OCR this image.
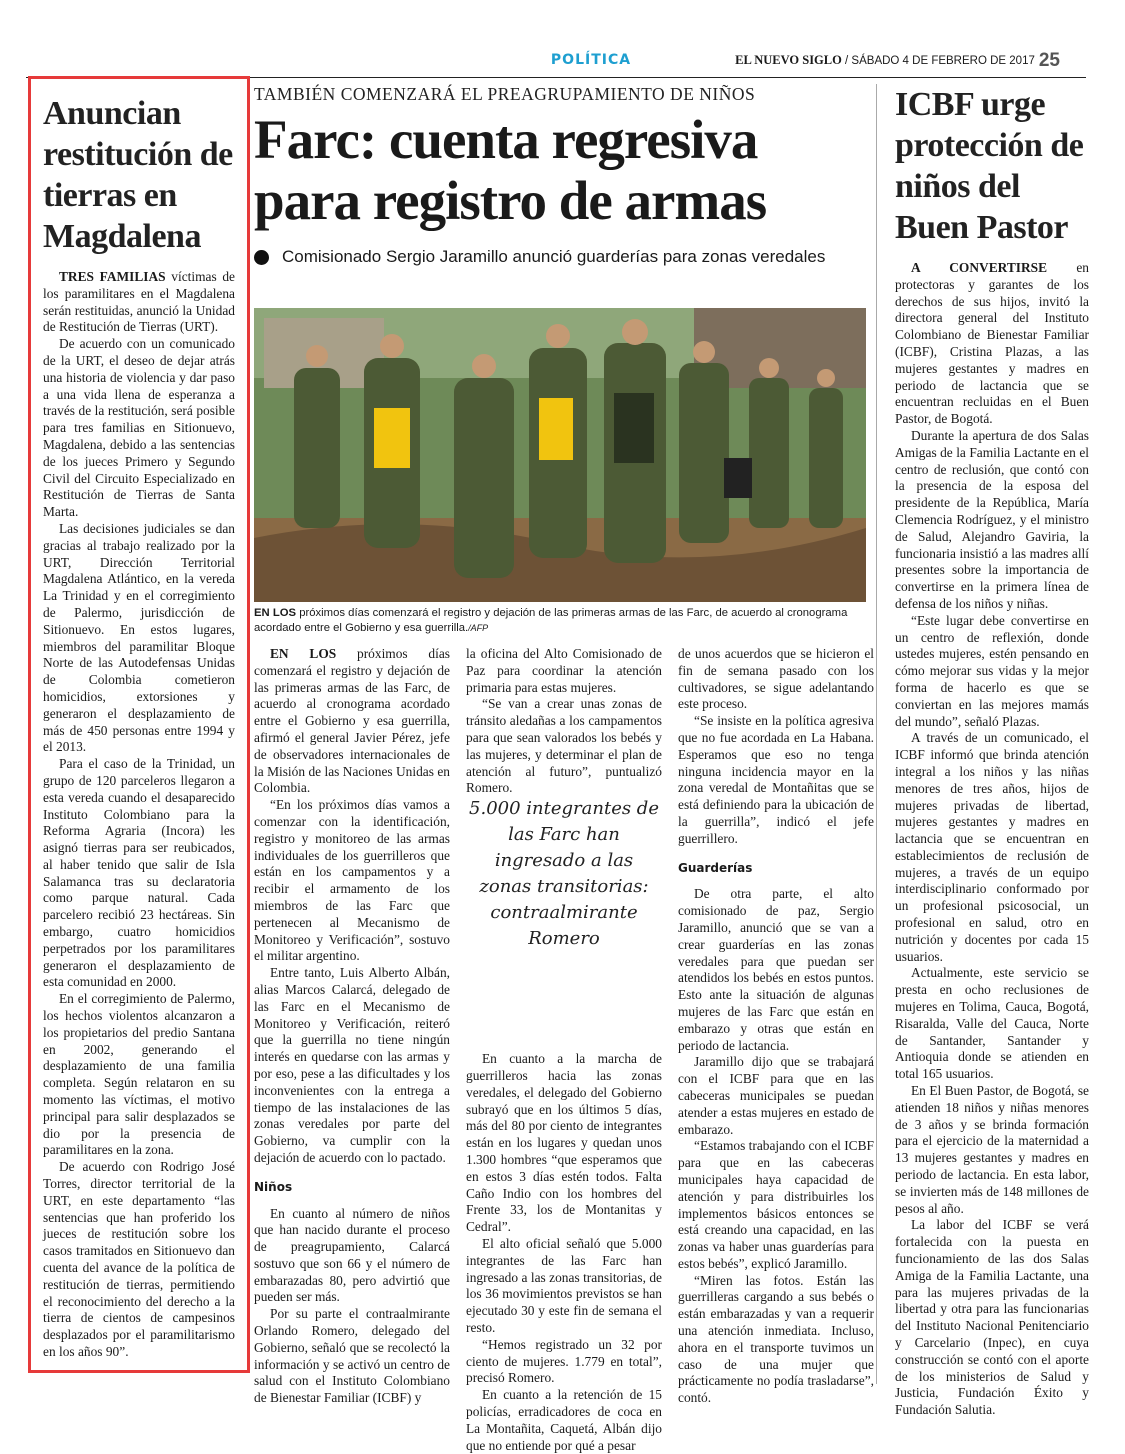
POLÍTICA	EL NUEVO SIGLO / SÁBADO 4 DE FEBRERO DE 2017 25
Anuncian restitución de tierras en Magdalena

TRES FAMILIAS víctimas de los paramilitares en el Magdalena serán restituidas, anunció la Unidad de Restitución de Tierras (URT).

De acuerdo con un comunicado de la URT, el deseo de dejar atrás una historia de violencia y dar paso a una vida llena de esperanza a través de la restitución, será posible para tres familias en Sitionuevo, Magdalena, debido a las sentencias de los jueces Primero y Segundo Civil del Circuito Especializado en Restitución de Tierras de Santa Marta.

Las decisiones judiciales se dan gracias al trabajo realizado por la URT, Dirección Territorial Magdalena Atlántico, en la vereda La Trinidad y en el corregimiento de Palermo, jurisdicción de Sitionuevo. En estos lugares, miembros del paramilitar Bloque Norte de las Autodefensas Unidas de Colombia cometieron homicidios, extorsiones y generaron el desplazamiento de más de 450 personas entre 1994 y el 2013.

Para el caso de la Trinidad, un grupo de 120 parceleros llegaron a esta vereda cuando el desaparecido Instituto Colombiano para la Reforma Agraria (Incora) les asignó tierras para ser reubicados, al haber tenido que salir de Isla Salamanca tras su declaratoria como parque natural. Cada parcelero recibió 23 hectáreas. Sin embargo, cuatro homicidios perpetrados por los paramilitares generaron el desplazamiento de esta comunidad en 2000.

En el corregimiento de Palermo, los hechos violentos alcanzaron a los propietarios del predio Santana en 2002, generando el desplazamiento de una familia completa. Según relataron en su momento las víctimas, el motivo principal para salir desplazados se dio por la presencia de paramilitares en la zona.

De acuerdo con Rodrigo José Torres, director territorial de la URT, en este departamento “las sentencias que han proferido los jueces de restitución sobre los casos tramitados en Sitionuevo dan cuenta del avance de la política de restitución de tierras, permitiendo el reconocimiento del derecho a la tierra de cientos de campesinos desplazados por el paramilitarismo en los años 90”.

TAMBIÉN COMENZARÁ EL PREAGRUPAMIENTO DE NIÑOS
Farc: cuenta regresiva para registro de armas
Comisionado Sergio Jaramillo anunció guarderías para zonas veredales
EN LOS próximos días comenzará el registro y dejación de las primeras armas de las Farc, de acuerdo al cronograma acordado entre el Gobierno y esa guerrilla./AFP

EN LOS próximos días comenzará el registro y dejación de las primeras armas de las Farc, de acuerdo al cronograma acordado entre el Gobierno y esa guerrilla, afirmó el general Javier Pérez, jefe de observadores internacionales de la Misión de las Naciones Unidas en Colombia.

“En los próximos días vamos a comenzar con la identificación, registro y monitoreo de las armas individuales de los guerrilleros que están en los campamentos y a recibir el armamento de los miembros de las Farc que pertenecen al Mecanismo de Monitoreo y Verificación”, sostuvo el militar argentino.

Entre tanto, Luis Alberto Albán, alias Marcos Calarcá, delegado de las Farc en el Mecanismo de Monitoreo y Verificación, reiteró que la guerrilla no tiene ningún interés en quedarse con las armas y por eso, pese a las dificultades y los inconvenientes con la entrega a tiempo de las instalaciones de las zonas veredales por parte del Gobierno, va cumplir con la dejación de acuerdo con lo pactado.

Niños

En cuanto al número de niños que han nacido durante el proceso de preagrupamiento, Calarcá sostuvo que son 66 y el número de embarazadas 80, pero advirtió que pueden ser más.

Por su parte el contraalmirante Orlando Romero, delegado del Gobierno, señaló que se recolectó la información y se activó un centro de salud con el Instituto Colombiano de Bienestar Familiar (ICBF) y

la oficina del Alto Comisionado de Paz para coordinar la atención primaria para estas mujeres.

“Se van a crear unas zonas de tránsito aledañas a los campamentos para que sean valorados los bebés y las mujeres, y determinar el plan de atención al futuro”, puntualizó Romero.

En cuanto a la marcha de guerrilleros hacia las zonas veredales, el delegado del Gobierno subrayó que en los últimos 5 días, más del 80 por ciento de integrantes están en los lugares y quedan unos 1.300 hombres “que esperamos que en estos 3 días estén todos. Falta Caño Indio con los hombres del Frente 33, los de Montanitas y Cedral”.

El alto oficial señaló que 5.000 integrantes de las Farc han ingresado a las zonas transitorias, de los 36 movimientos previstos se han ejecutado 30 y este fin de semana el resto.

“Hemos registrado un 32 por ciento de mujeres. 1.779 en total”, precisó Romero.

En cuanto a la retención de 15 policías, erradicadores de coca en La Montañita, Caquetá, Albán dijo que no entiende por qué a pesar

5.000 integrantes de las Farc han ingresado a las zonas transitorias: contraalmirante Romero

de unos acuerdos que se hicieron el fin de semana pasado con los cultivadores, se sigue adelantando este proceso.

“Se insiste en la política agresiva que no fue acordada en La Habana. Esperamos que eso no tenga ninguna incidencia mayor en la zona veredal de Montañitas que se está definiendo para la ubicación de la guerrilla”, indicó el jefe guerrillero.

Guarderías

De otra parte, el alto comisionado de paz, Sergio Jaramillo, anunció que se van a crear guarderías en las zonas veredales para que puedan ser atendidos los bebés en estos puntos. Esto ante la situación de algunas mujeres de las Farc que están en embarazo y otras que están en periodo de lactancia.

Jaramillo dijo que se trabajará con el ICBF para que en las cabeceras municipales se puedan atender a estas mujeres en estado de embarazo.

“Estamos trabajando con el ICBF para que en las cabeceras municipales haya capacidad de atención y para distribuirles los implementos básicos entonces se está creando una capacidad, en las zonas va haber unas guarderías para estos bebés”, explicó Jaramillo.

“Miren las fotos. Están las guerrilleras cargando a sus bebés o están embarazadas y van a requerir una atención inmediata. Incluso, ahora en el transporte tuvimos un caso de una mujer que prácticamente no podía trasladarse”, contó.

ICBF urge protección de niños del Buen Pastor

A CONVERTIRSE en protectoras y garantes de los derechos de sus hijos, invitó la directora general del Instituto Colombiano de Bienestar Familiar (ICBF), Cristina Plazas, a las mujeres gestantes y madres en periodo de lactancia que se encuentran recluidas en el Buen Pastor, de Bogotá.

Durante la apertura de dos Salas Amigas de la Familia Lactante en el centro de reclusión, que contó con la presencia de la esposa del presidente de la República, María Clemencia Rodríguez, y el ministro de Salud, Alejandro Gaviria, la funcionaria insistió a las madres allí presentes sobre la importancia de convertirse en la primera línea de defensa de los niños y niñas.

“Este lugar debe convertirse en un centro de reflexión, donde ustedes mujeres, estén pensando en cómo mejorar sus vidas y la mejor forma de hacerlo es que se conviertan en las mejores mamás del mundo”, señaló Plazas.

A través de un comunicado, el ICBF informó que brinda atención integral a los niños y las niñas menores de tres años, hijos de mujeres privadas de libertad, mujeres gestantes y madres en lactancia que se encuentran en establecimientos de reclusión de mujeres, a través de un equipo interdisciplinario conformado por un profesional psicosocial, un profesional en salud, otro en nutrición y docentes por cada 15 usuarios.

Actualmente, este servicio se presta en ocho reclusiones de mujeres en Tolima, Cauca, Bogotá, Risaralda, Valle del Cauca, Norte de Santander, Santander y Antioquia donde se atienden en total 165 usuarios.

En El Buen Pastor, de Bogotá, se atienden 18 niños y niñas menores de 3 años y se brinda formación para el ejercicio de la maternidad a 13 mujeres gestantes y madres en periodo de lactancia. En esta labor, se invierten más de 148 millones de pesos al año.

La labor del ICBF se verá fortalecida con la puesta en funcionamiento de las dos Salas Amiga de la Familia Lactante, una para las mujeres privadas de la libertad y otra para las funcionarias del Instituto Nacional Penitenciario y Carcelario (Inpec), en cuya construcción se contó con el aporte de los ministerios de Salud y Justicia, Fundación Éxito y Fundación Salutia.
